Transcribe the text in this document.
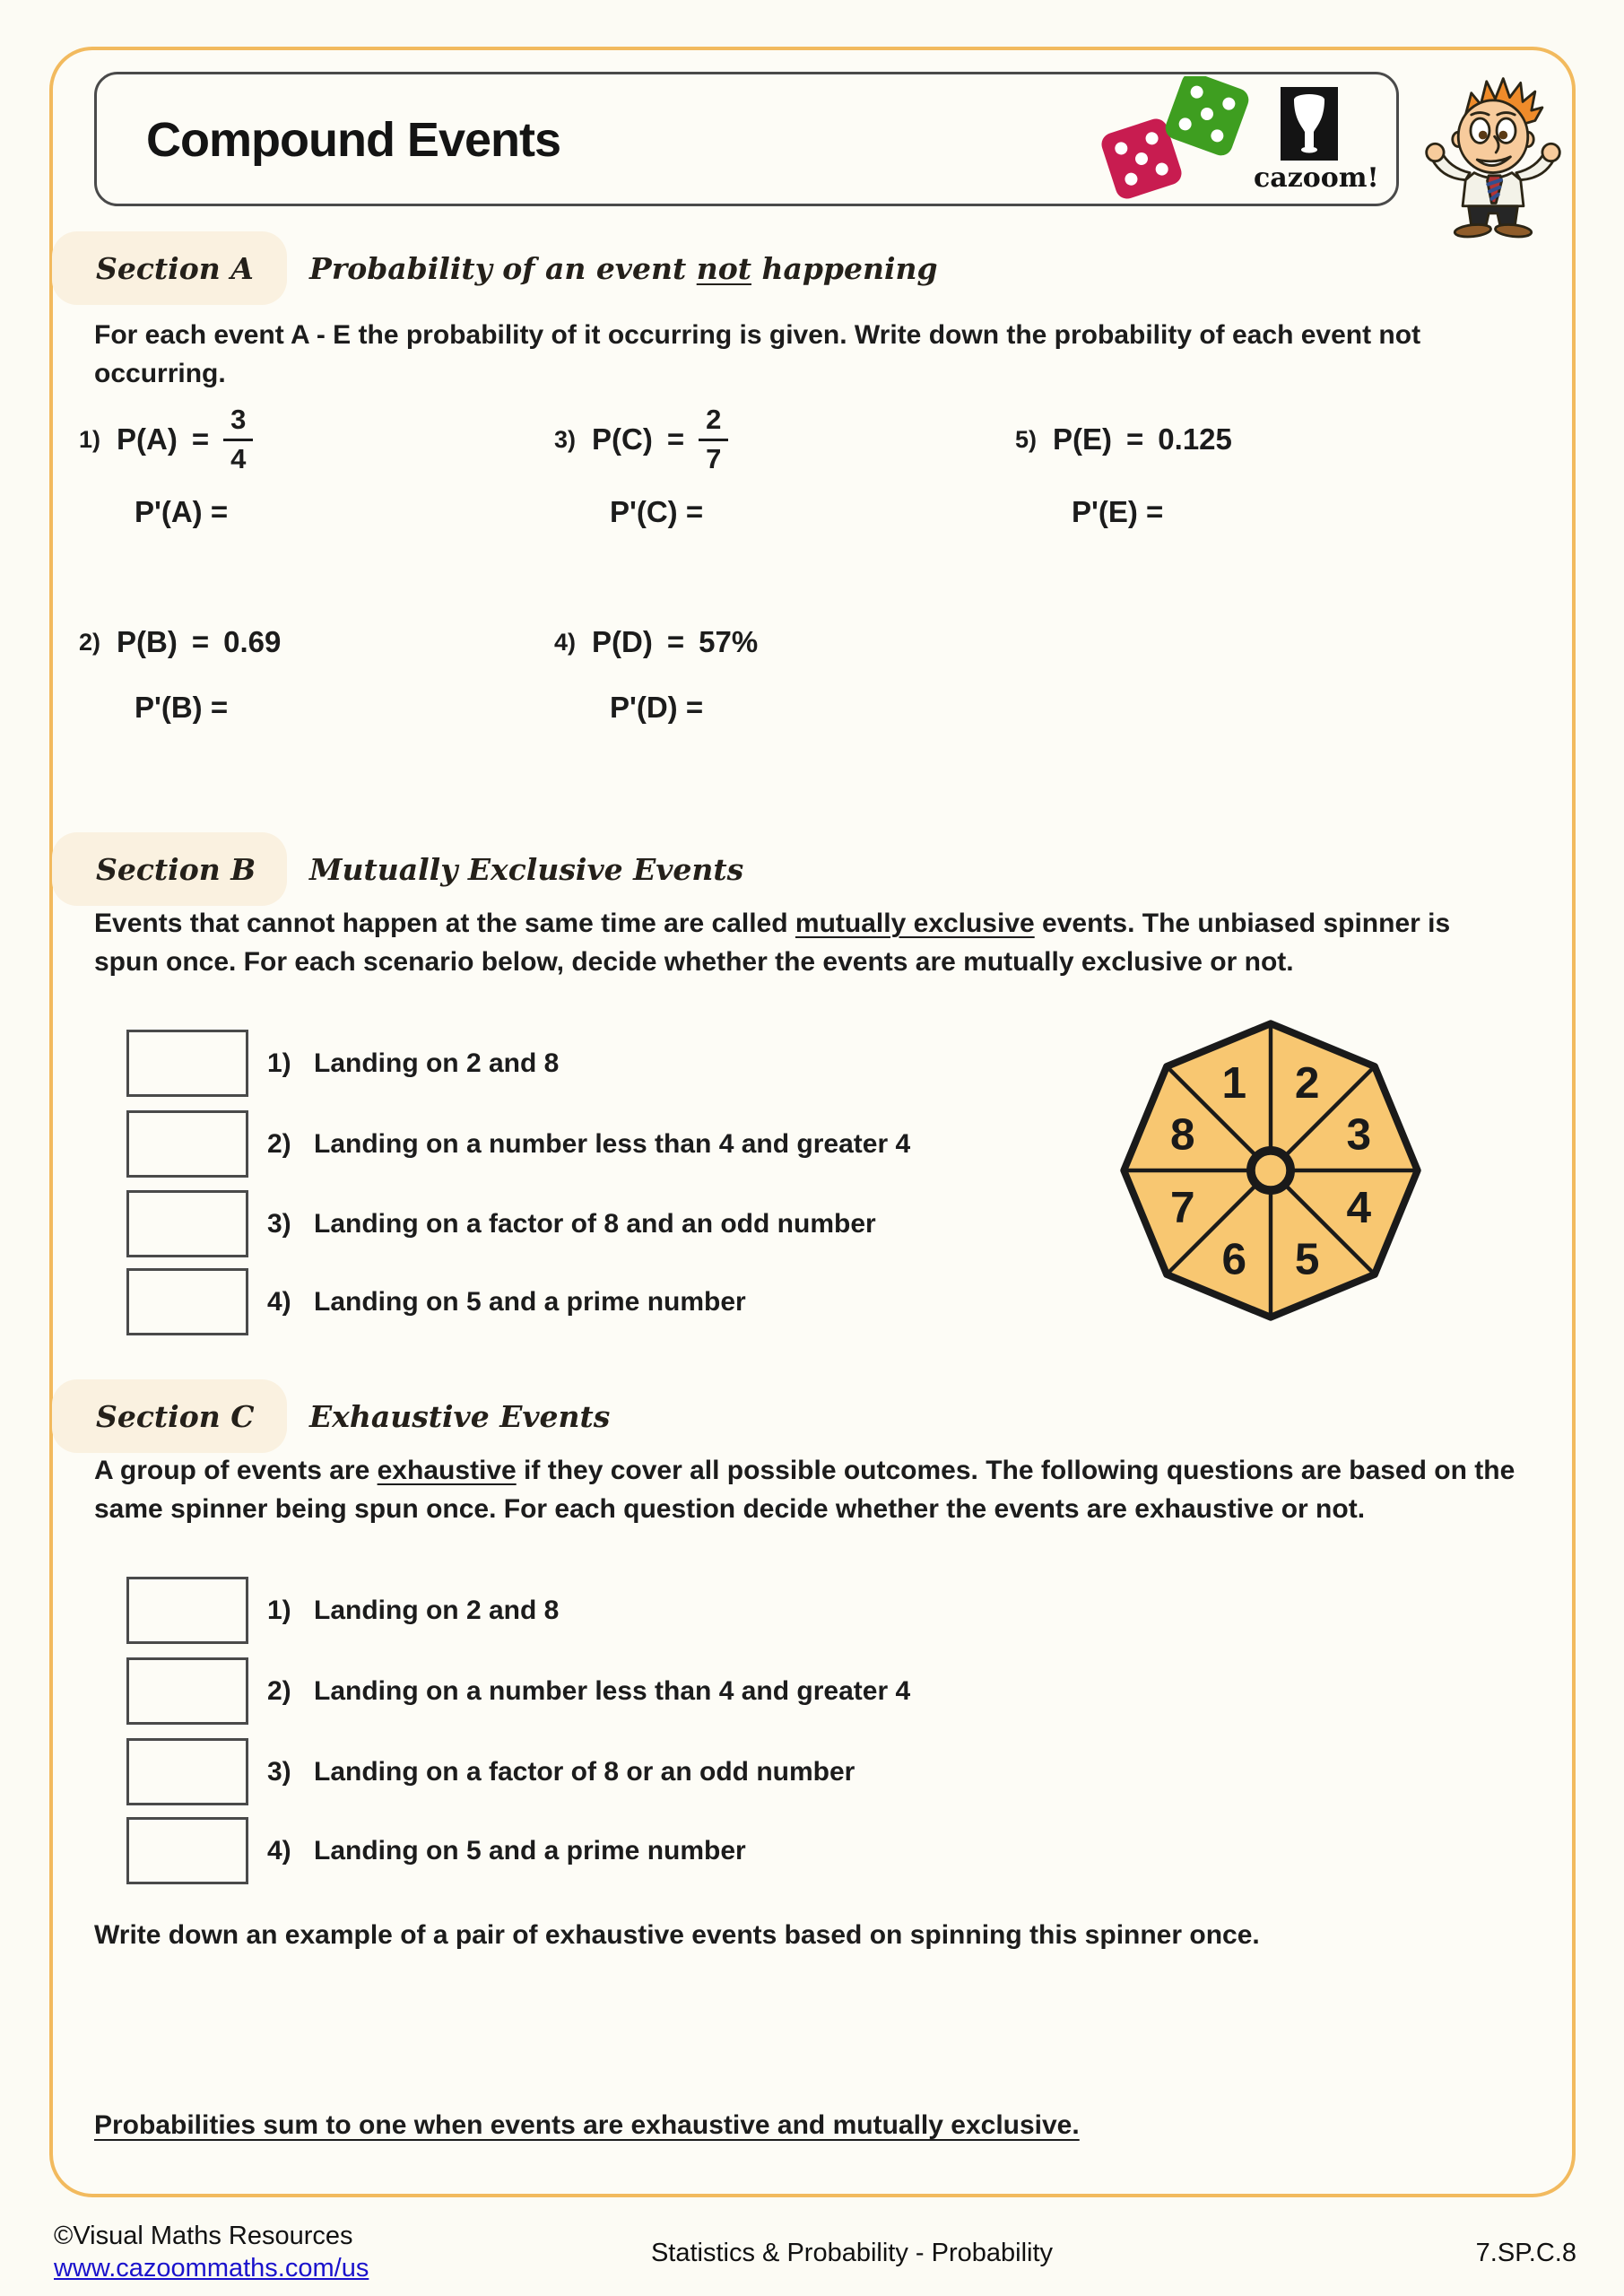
Compound Events
cazoom!
Section A Probability of an event not happening
For each event A - E the probability of it occurring is given. Write down the probability of each event not occurring.
1) $P(A) = \frac{3}{4}$	3) $P(C) = \frac{2}{7}$	5) P(E) = 0.125
P'(A) =	P'(C) =	P'(E) =
2) P(B) = 0.69	4) P(D) = 57%
P'(B) =	P'(D) =
Section B Mutually Exclusive Events
Events that cannot happen at the same time are called mutually exclusive events. The unbiased spinner is spun once. For each scenario below, decide whether the events are mutually exclusive or not.
1) Landing on 2 and 8
2) Landing on a number less than 4 and greater 4
3) Landing on a factor of 8 and an odd number
4) Landing on 5 and a prime number
1 2
3
4
5
6
7
8
Section C Exhaustive Events
A group of events are exhaustive if they cover all possible outcomes. The following questions are based on the same spinner being spun once. For each question decide whether the events are exhaustive or not.
1) Landing on 2 and 8
2) Landing on a number less than 4 and greater 4
3) Landing on a factor of 8 or an odd number
4) Landing on 5 and a prime number
Write down an example of a pair of exhaustive events based on spinning this spinner once.
Probabilities sum to one when events are exhaustive and mutually exclusive.
©Visual Maths Resources
www.cazoommaths.com/us
Statistics & Probability - Probability	7.SP.C.8
